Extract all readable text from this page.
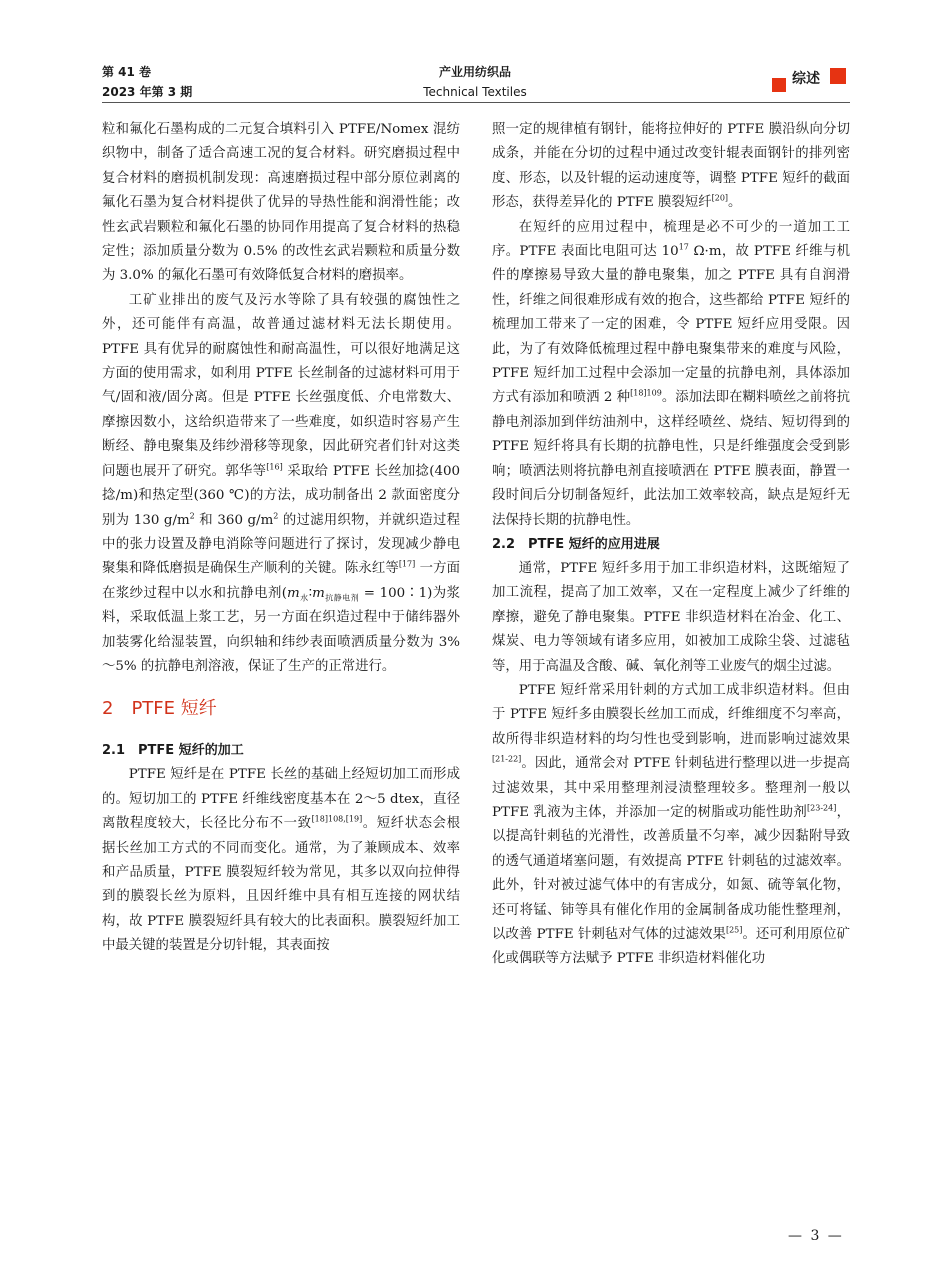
第 41 卷
2023 年第 3 期
产业用纺织品
Technical Textiles
综述

粒和氟化石墨构成的二元复合填料引入 PTFE/Nomex 混纺织物中，制备了适合高速工况的复合材料。研究磨损过程中复合材料的磨损机制发现：高速磨损过程中部分原位剥离的氟化石墨为复合材料提供了优异的导热性能和润滑性能；改性玄武岩颗粒和氟化石墨的协同作用提高了复合材料的热稳定性；添加质量分数为 0.5% 的改性玄武岩颗粒和质量分数为 3.0% 的氟化石墨可有效降低复合材料的磨损率。

工矿业排出的废气及污水等除了具有较强的腐蚀性之外，还可能伴有高温，故普通过滤材料无法长期使用。PTFE 具有优异的耐腐蚀性和耐高温性，可以很好地满足这方面的使用需求，如利用 PTFE 长丝制备的过滤材料可用于气/固和液/固分离。但是 PTFE 长丝强度低、介电常数大、摩擦因数小，这给织造带来了一些难度，如织造时容易产生断经、静电聚集及纬纱滑移等现象，因此研究者们针对这类问题也展开了研究。郭华等[16] 采取给 PTFE 长丝加捻(400 捻/m)和热定型(360 ℃)的方法，成功制备出 2 款面密度分别为 130 $g/m^2$ 和 360 $g/m^2$ 的过滤用织物，并就织造过程中的张力设置及静电消除等问题进行了探讨，发现减少静电聚集和降低磨损是确保生产顺利的关键。陈永红等[17] 一方面在浆纱过程中以水和抗静电剂($m_水∶m_{抗静电剂}$ = 100∶1)为浆料，采取低温上浆工艺，另一方面在织造过程中于储纬器外加装雾化给湿装置，向织轴和纬纱表面喷洒质量分数为 3%～5% 的抗静电剂溶液，保证了生产的正常进行。

2　PTFE 短纤
2.1　PTFE 短纤的加工

PTFE 短纤是在 PTFE 长丝的基础上经短切加工而形成的。短切加工的 PTFE 纤维线密度基本在 2～5 dtex，直径离散程度较大，长径比分布不一致[18]108,[19]。短纤状态会根据长丝加工方式的不同而变化。通常，为了兼顾成本、效率和产品质量，PTFE 膜裂短纤较为常见，其多以双向拉伸得到的膜裂长丝为原料，且因纤维中具有相互连接的网状结构，故 PTFE 膜裂短纤具有较大的比表面积。膜裂短纤加工中最关键的装置是分切针辊，其表面按

照一定的规律植有钢针，能将拉伸好的 PTFE 膜沿纵向分切成条，并能在分切的过程中通过改变针辊表面钢针的排列密度、形态，以及针辊的运动速度等，调整 PTFE 短纤的截面形态，获得差异化的 PTFE 膜裂短纤[20]。

在短纤的应用过程中，梳理是必不可少的一道加工工序。PTFE 表面比电阻可达 $10^{17}$ Ω·m，故 PTFE 纤维与机件的摩擦易导致大量的静电聚集，加之 PTFE 具有自润滑性，纤维之间很难形成有效的抱合，这些都给 PTFE 短纤的梳理加工带来了一定的困难，令 PTFE 短纤应用受限。因此，为了有效降低梳理过程中静电聚集带来的难度与风险，PTFE 短纤加工过程中会添加一定量的抗静电剂，具体添加方式有添加和喷洒 2 种$^{[18]109}$。添加法即在糊料喷丝之前将抗静电剂添加到伴纺油剂中，这样经喷丝、烧结、短切得到的 PTFE 短纤将具有长期的抗静电性，只是纤维强度会受到影响；喷洒法则将抗静电剂直接喷洒在 PTFE 膜表面，静置一段时间后分切制备短纤，此法加工效率较高，缺点是短纤无法保持长期的抗静电性。

2.2　PTFE 短纤的应用进展

通常，PTFE 短纤多用于加工非织造材料，这既缩短了加工流程，提高了加工效率，又在一定程度上减少了纤维的摩擦，避免了静电聚集。PTFE 非织造材料在冶金、化工、煤炭、电力等领域有诸多应用，如被加工成除尘袋、过滤毡等，用于高温及含酸、碱、氧化剂等工业废气的烟尘过滤。

PTFE 短纤常采用针刺的方式加工成非织造材料。但由于 PTFE 短纤多由膜裂长丝加工而成，纤维细度不匀率高，故所得非织造材料的均匀性也受到影响，进而影响过滤效果[21-22]。因此，通常会对 PTFE 针刺毡进行整理以进一步提高过滤效果，其中采用整理剂浸渍整理较多。整理剂一般以 PTFE 乳液为主体，并添加一定的树脂或功能性助剂[23-24]，以提高针刺毡的光滑性，改善质量不匀率，减少因黏附导致的透气通道堵塞问题，有效提高 PTFE 针刺毡的过滤效率。此外，针对被过滤气体中的有害成分，如氮、硫等氧化物，还可将锰、铈等具有催化作用的金属制备成功能性整理剂，以改善 PTFE 针刺毡对气体的过滤效果[25]。还可利用原位矿化或偶联等方法赋予 PTFE 非织造材料催化功

— 3 —
